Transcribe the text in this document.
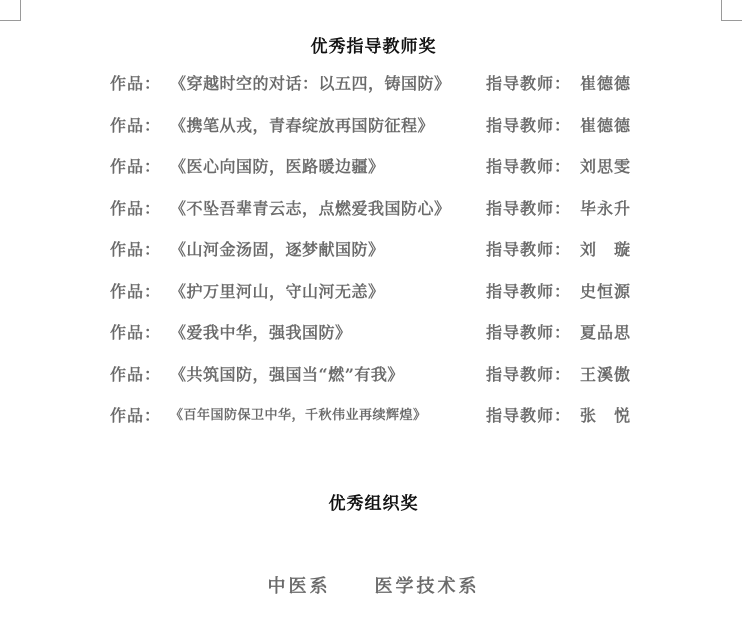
优秀指导教师奖
作品： 《穿越时空的对话：以五四，铸国防》 指导教师： 崔德德
作品： 《携笔从戎，青春绽放再国防征程》	指导教师： 崔德德
作品： 《医心向国防，医路暖边疆》	指导教师： 刘思雯
作品： 《不坠吾辈青云志，点燃爱我国防心》 指导教师： 毕永升
作品： 《山河金汤固，逐梦献国防》	指导教师： 刘　璇
作品： 《护万里河山，守山河无恙》	指导教师： 史恒源
作品： 《爱我中华，强我国防》	指导教师： 夏品思
作品： 《共筑国防，强国当“燃”有我》	指导教师： 王溪傲
作品： 《百年国防保卫中华，千秋伟业再续辉煌》	指导教师： 张　悦
优秀组织奖
中医系 医学技术系
